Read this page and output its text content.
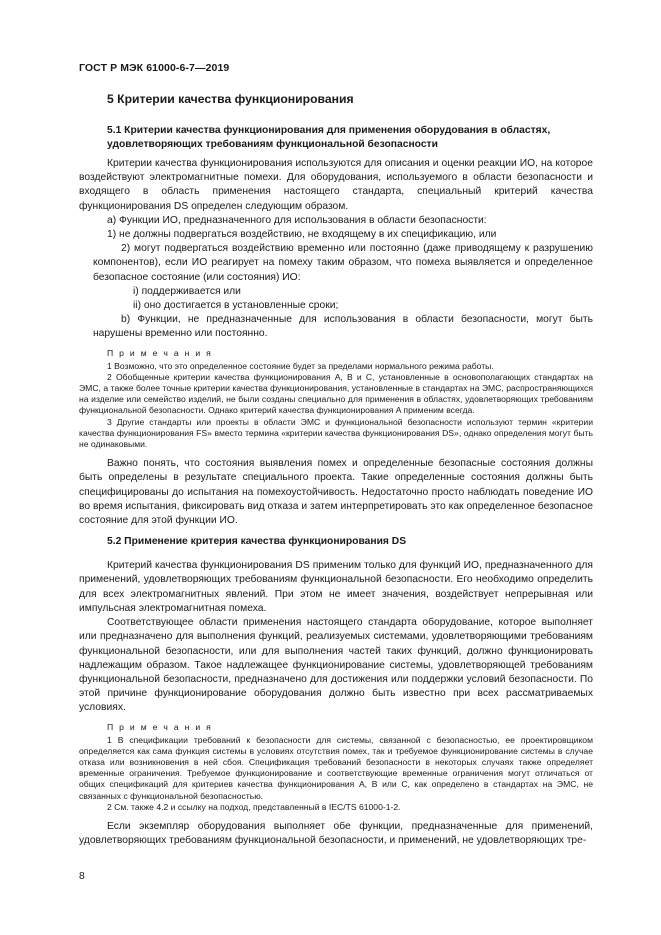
ГОСТ Р МЭК 61000-6-7—2019
5 Критерии качества функционирования
5.1 Критерии качества функционирования для применения оборудования в областях,
удовлетворяющих требованиям функциональной безопасности

Критерии качества функционирования используются для описания и оценки реакции ИО, на которое воздействуют электромагнитные помехи. Для оборудования, используемого в области безопасности и входящего в область применения настоящего стандарта, специальный критерий качества функционирования DS определен следующим образом.

a) Функции ИО, предназначенного для использования в области безопасности:

1) не должны подвергаться воздействию, не входящему в их спецификацию, или

2) могут подвергаться воздействию временно или постоянно (даже приводящему к разрушению компонентов), если ИО реагирует на помеху таким образом, что помеха выявляется и определенное безопасное состояние (или состояния) ИО:

i) поддерживается или

ii) оно достигается в установленные сроки;

b) Функции, не предназначенные для использования в области безопасности, могут быть нарушены временно или постоянно.

П р и м е ч а н и я

1 Возможно, что это определенное состояние будет за пределами нормального режима работы.

2 Обобщенные критерии качества функционирования A, B и C, установленные в основополагающих стандартах на ЭМС, а также более точные критерии качества функционирования, установленные в стандартах на ЭМС, распространяющихся на изделие или семейство изделий, не были созданы специально для применения в областях, удовлетворяющих требованиям функциональной безопасности. Однако критерий качества функционирования A применим всегда.

3 Другие стандарты или проекты в области ЭМС и функциональной безопасности используют термин «критерии качества функционирования FS» вместо термина «критерии качества функционирования DS», однако определения могут быть не одинаковыми.

Важно понять, что состояния выявления помех и определенные безопасные состояния должны быть определены в результате специального проекта. Такие определенные состояния должны быть специфицированы до испытания на помехоустойчивость. Недостаточно просто наблюдать поведение ИО во время испытания, фиксировать вид отказа и затем интерпретировать это как определенное безопасное состояние для этой функции ИО.

5.2 Применение критерия качества функционирования DS

Критерий качества функционирования DS применим только для функций ИО, предназначенного для применений, удовлетворяющих требованиям функциональной безопасности. Его необходимо определить для всех электромагнитных явлений. При этом не имеет значения, воздействует непрерывная или импульсная электромагнитная помеха.

Соответствующее области применения настоящего стандарта оборудование, которое выполняет или предназначено для выполнения функций, реализуемых системами, удовлетворяющими требованиям функциональной безопасности, или для выполнения частей таких функций, должно функционировать надлежащим образом. Такое надлежащее функционирование системы, удовлетворяющей требованиям функциональной безопасности, предназначено для достижения или поддержки условий безопасности. По этой причине функционирование оборудования должно быть известно при всех рассматриваемых условиях.

П р и м е ч а н и я

1 В спецификации требований к безопасности для системы, связанной с безопасностью, ее проектировщиком определяется как сама функция системы в условиях отсутствия помех, так и требуемое функционирование системы в случае отказа или возникновения в ней сбоя. Спецификация требований безопасности в некоторых случаях также определяет временные ограничения. Требуемое функционирование и соответствующие временные ограничения могут отличаться от общих спецификаций для критериев качества функционирования A, B или C, как определено в стандартах на ЭМС, не связанных с функциональной безопасностью.

2 См. также 4.2 и ссылку на подход, представленный в IEC/TS 61000-1-2.

Если экземпляр оборудования выполняет обе функции, предназначенные для применений, удовлетворяющих требованиям функциональной безопасности, и применений, не удовлетворяющих тре-

8
